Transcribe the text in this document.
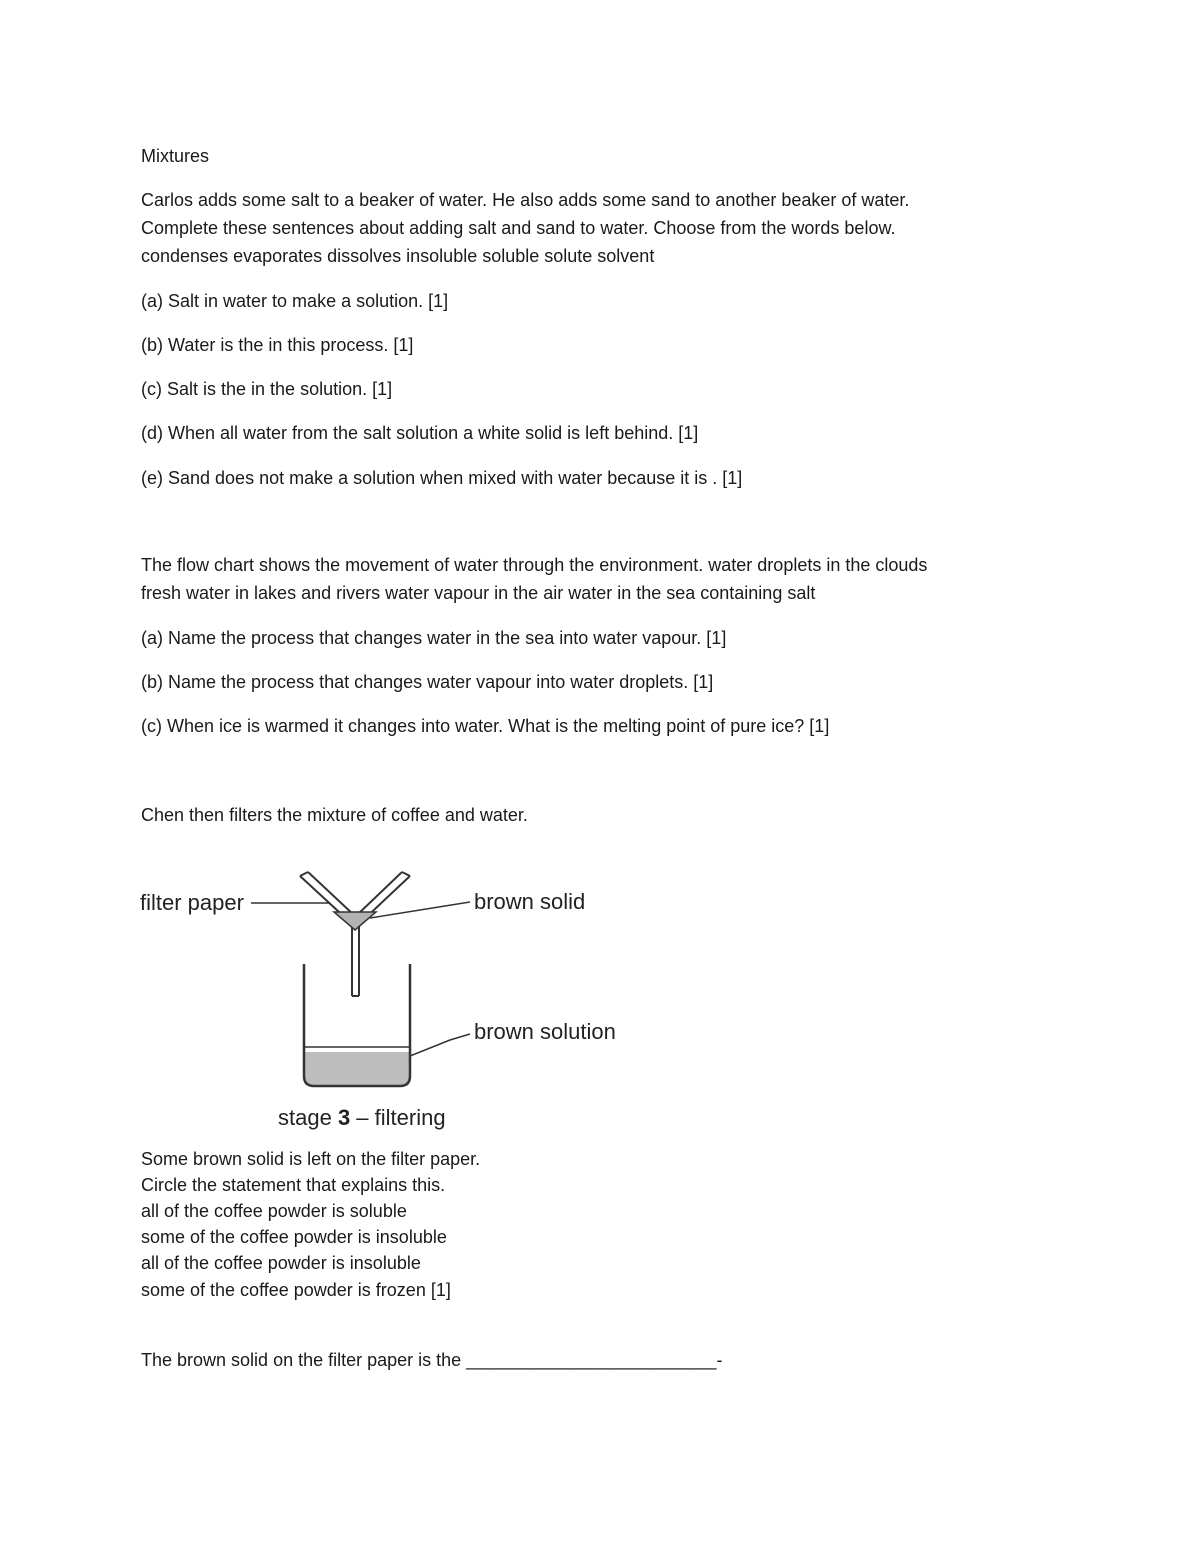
Mixtures
Carlos adds some salt to a beaker of water. He also adds some sand to another beaker of water.
Complete these sentences about adding salt and sand to water. Choose from the words below.
condenses evaporates dissolves insoluble soluble solute solvent
(a) Salt in water to make a solution. [1]
(b) Water is the in this process. [1]
(c) Salt is the in the solution. [1]
(d) When all water from the salt solution a white solid is left behind. [1]
(e) Sand does not make a solution when mixed with water because it is . [1]
The flow chart shows the movement of water through the environment. water droplets in the clouds
fresh water in lakes and rivers water vapour in the air water in the sea containing salt
(a) Name the process that changes water in the sea into water vapour. [1]
(b) Name the process that changes water vapour into water droplets. [1]
(c) When ice is warmed it changes into water. What is the melting point of pure ice? [1]
Chen then filters the mixture of coffee and water.
filter paper	brown solid
brown solution
stage 3 – filtering
Some brown solid is left on the filter paper.
Circle the statement that explains this.
all of the coffee powder is soluble
some of the coffee powder is insoluble
all of the coffee powder is insoluble
some of the coffee powder is frozen [1]
The brown solid on the filter paper is the _________________________-
